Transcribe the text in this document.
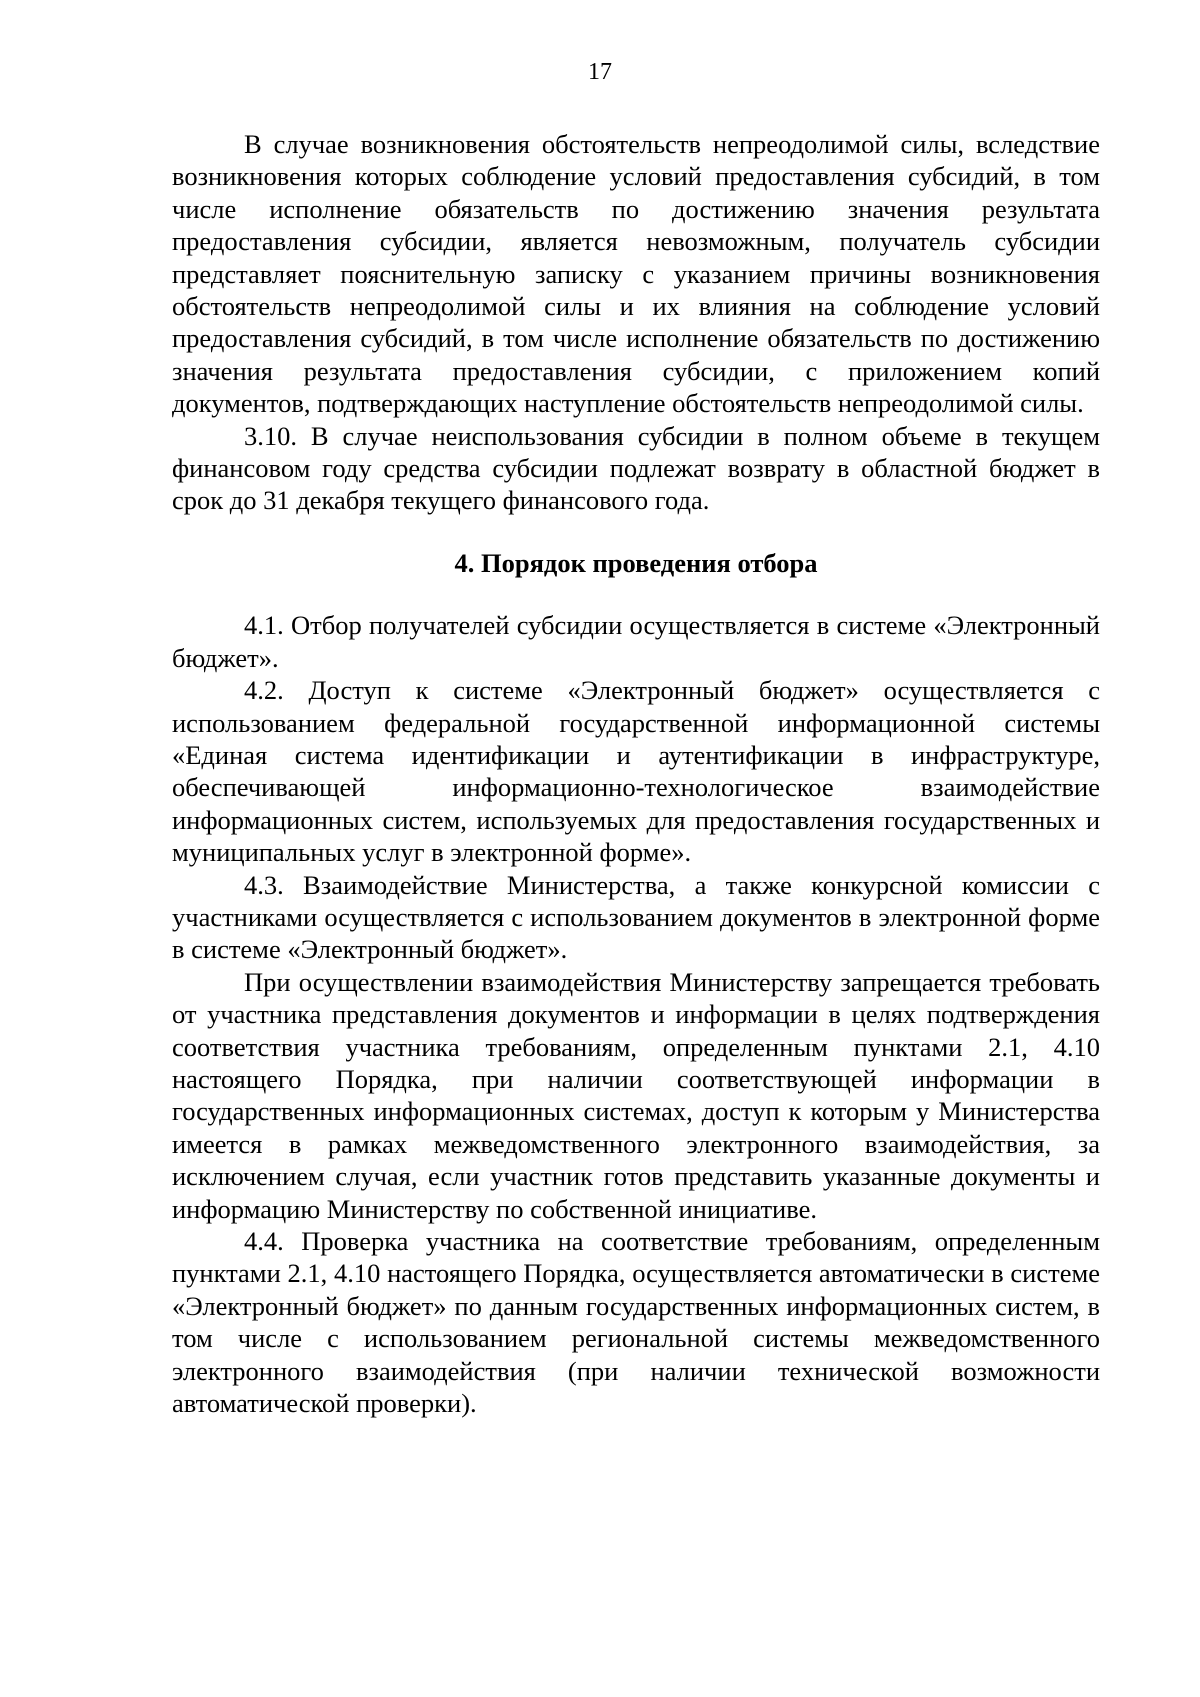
17

В случае возникновения обстоятельств непреодолимой силы, вследствие возникновения которых соблюдение условий предоставления субсидий, в том числе исполнение обязательств по достижению значения результата предоставления субсидии, является невозможным, получатель субсидии представляет пояснительную записку с указанием причины возникновения обстоятельств непреодолимой силы и их влияния на соблюдение условий предоставления субсидий, в том числе исполнение обязательств по достижению значения результата предоставления субсидии, с приложением копий документов, подтверждающих наступление обстоятельств непреодолимой силы.

3.10. В случае неиспользования субсидии в полном объеме в текущем финансовом году средства субсидии подлежат возврату в областной бюджет в срок до 31 декабря текущего финансового года.

4. Порядок проведения отбора

4.1. Отбор получателей субсидии осуществляется в системе «Электронный бюджет».

4.2. Доступ к системе «Электронный бюджет» осуществляется с использованием федеральной государственной информационной системы «Единая система идентификации и аутентификации в инфраструктуре, обеспечивающей информационно-технологическое взаимодействие информационных систем, используемых для предоставления государственных и муниципальных услуг в электронной форме».

4.3. Взаимодействие Министерства, а также конкурсной комиссии с участниками осуществляется с использованием документов в электронной форме в системе «Электронный бюджет».

При осуществлении взаимодействия Министерству запрещается требовать от участника представления документов и информации в целях подтверждения соответствия участника требованиям, определенным пунктами 2.1, 4.10 настоящего Порядка, при наличии соответствующей информации в государственных информационных системах, доступ к которым у Министерства имеется в рамках межведомственного электронного взаимодействия, за исключением случая, если участник готов представить указанные документы и информацию Министерству по собственной инициативе.

4.4. Проверка участника на соответствие требованиям, определенным пунктами 2.1, 4.10 настоящего Порядка, осуществляется автоматически в системе «Электронный бюджет» по данным государственных информационных систем, в том числе с использованием региональной системы межведомственного электронного взаимодействия (при наличии технической возможности автоматической проверки).
